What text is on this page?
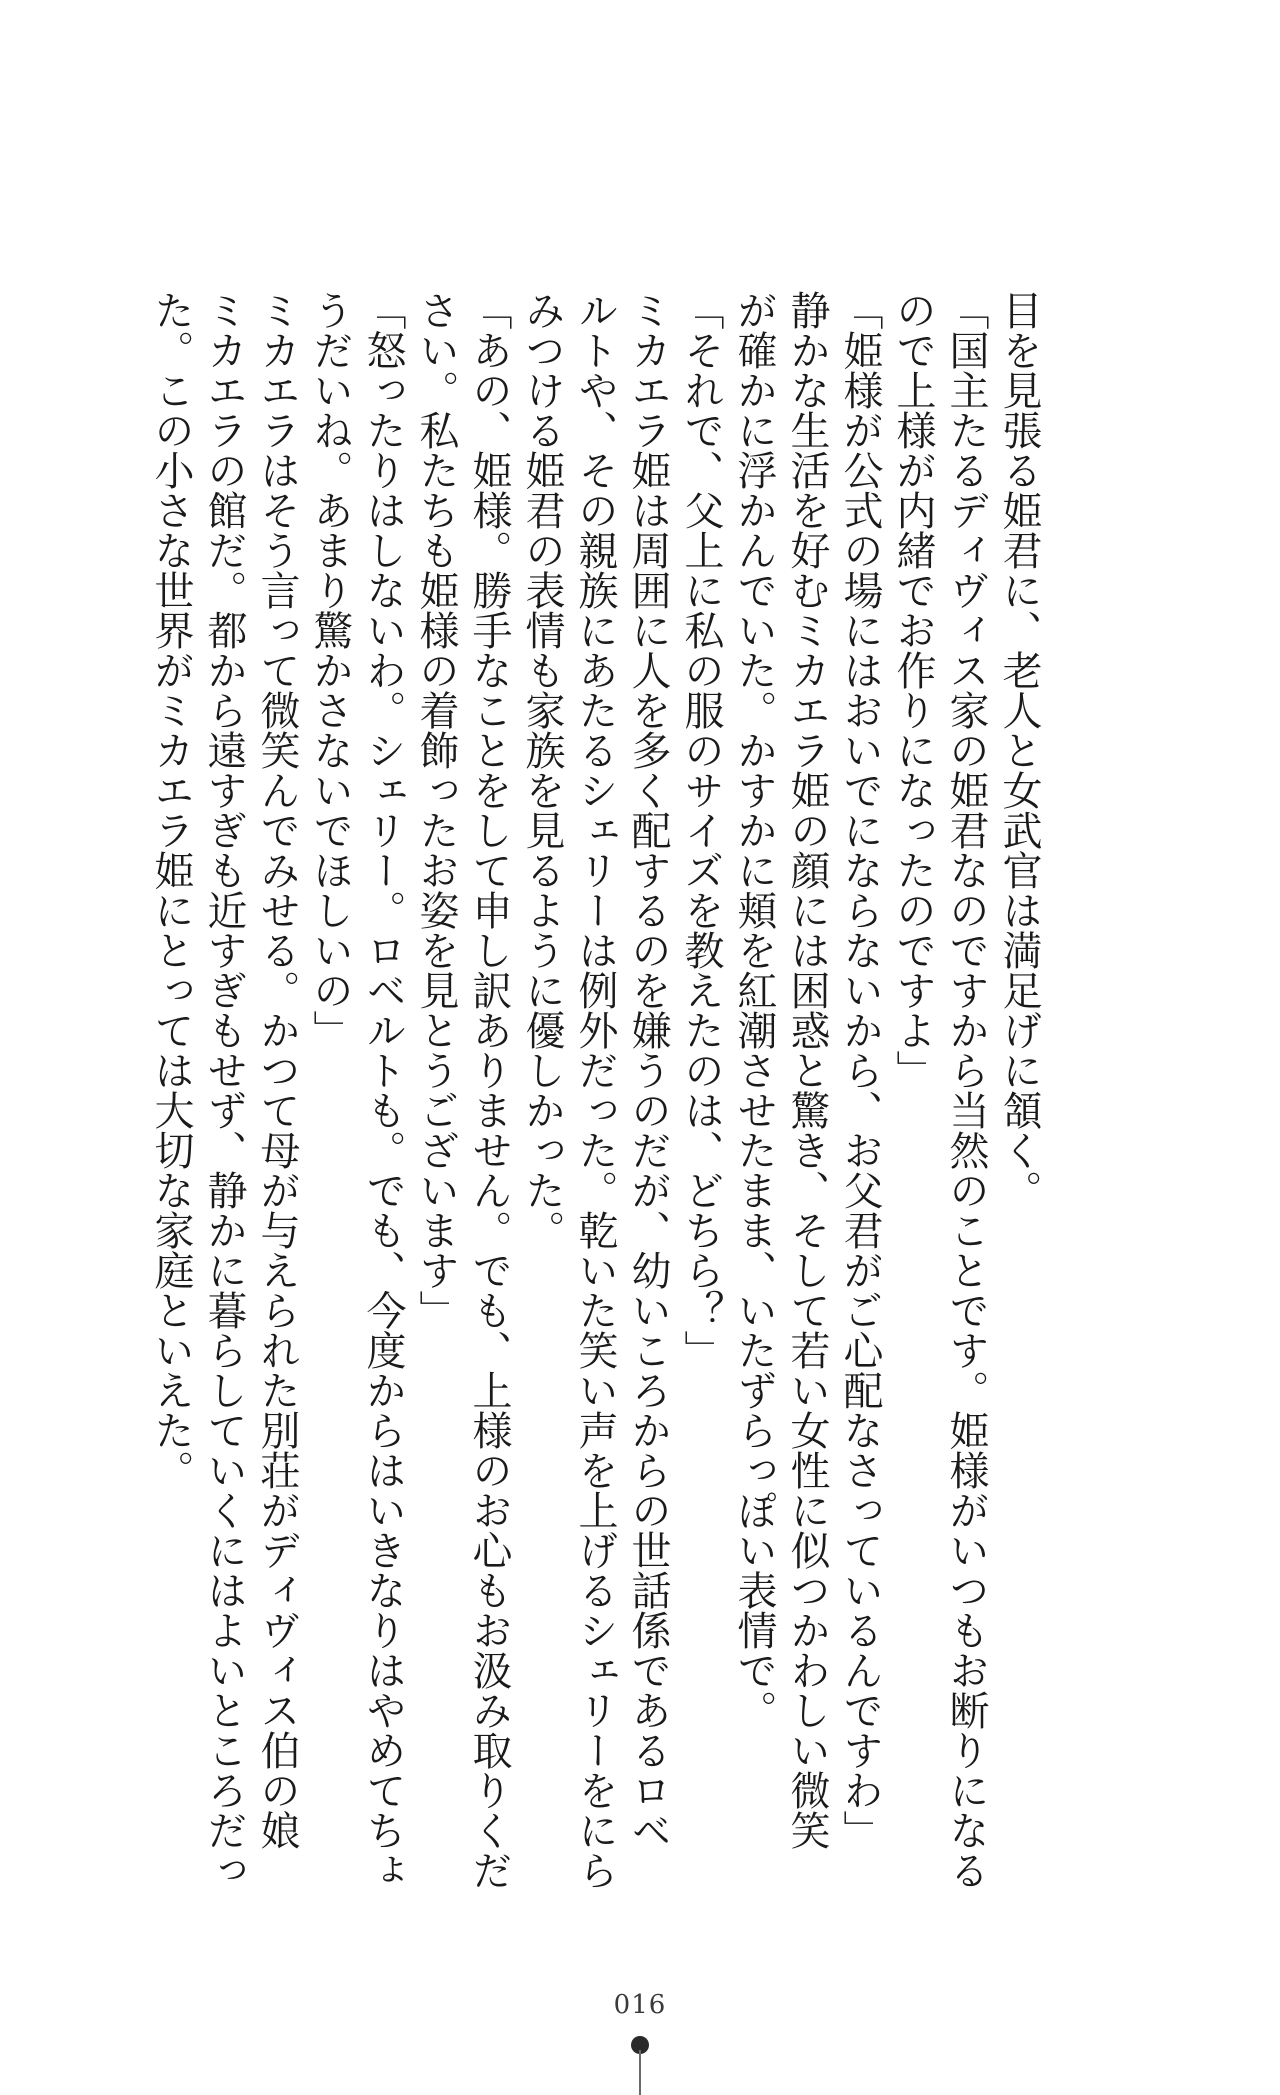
目を見張る姫君に、老人と女武官は満足げに頷く。
「国主たるディヴィス家の姫君なのですから当然のことです。姫様がいつもお断りになる
ので上様が内緒でお作りになったのですよ」
「姫様が公式の場にはおいでにならないから、お父君がご心配なさっているんですわ」
静かな生活を好むミカエラ姫の顔には困惑と驚き、そして若い女性に似つかわしい微笑
が確かに浮かんでいた。かすかに頬を紅潮させたまま、いたずらっぽい表情で。
「それで、父上に私の服のサイズを教えたのは、どちら？」
ミカエラ姫は周囲に人を多く配するのを嫌うのだが、幼いころからの世話係であるロベ
ルトや、その親族にあたるシェリーは例外だった。乾いた笑い声を上げるシェリーをにら
みつける姫君の表情も家族を見るように優しかった。
「あの、姫様。勝手なことをして申し訳ありません。でも、上様のお心もお汲み取りくだ
さい。私たちも姫様の着飾ったお姿を見とうございます」
「怒ったりはしないわ。シェリー。ロベルトも。でも、今度からはいきなりはやめてちょ
うだいね。あまり驚かさないでほしいの」
ミカエラはそう言って微笑んでみせる。かつて母が与えられた別荘がディヴィス伯の娘
ミカエラの館だ。都から遠すぎも近すぎもせず、静かに暮らしていくにはよいところだっ
た。この小さな世界がミカエラ姫にとっては大切な家庭といえた。
016
